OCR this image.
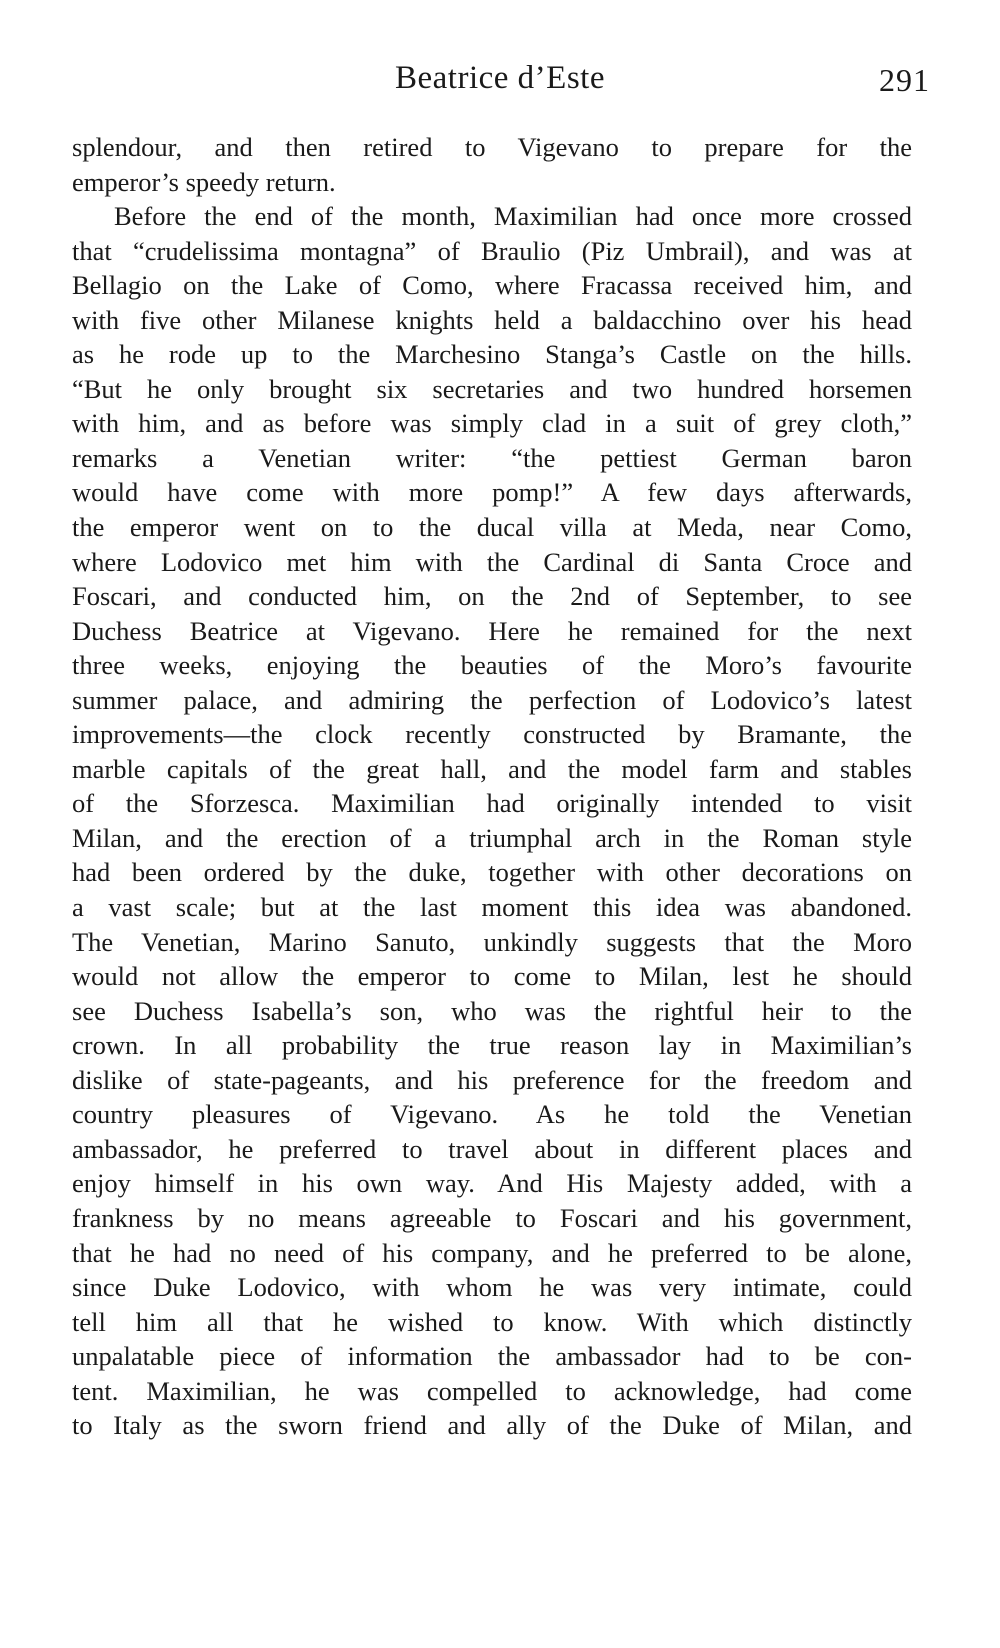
Beatrice d’Este	291
splendour, and then retired to Vigevano to prepare for the
emperor’s speedy return.
Before the end of the month, Maximilian had once more crossed
that “crudelissima montagna” of Braulio (Piz Umbrail), and was at
Bellagio on the Lake of Como, where Fracassa received him, and
with five other Milanese knights held a baldacchino over his head
as he rode up to the Marchesino Stanga’s Castle on the hills.
“But he only brought six secretaries and two hundred horsemen
with him, and as before was simply clad in a suit of grey cloth,”
remarks a Venetian writer: “the pettiest German baron
would have come with more pomp!” A few days afterwards,
the emperor went on to the ducal villa at Meda, near Como,
where Lodovico met him with the Cardinal di Santa Croce and
Foscari, and conducted him, on the 2nd of September, to see
Duchess Beatrice at Vigevano. Here he remained for the next
three weeks, enjoying the beauties of the Moro’s favourite
summer palace, and admiring the perfection of Lodovico’s latest
improvements—the clock recently constructed by Bramante, the
marble capitals of the great hall, and the model farm and stables
of the Sforzesca. Maximilian had originally intended to visit
Milan, and the erection of a triumphal arch in the Roman style
had been ordered by the duke, together with other decorations on
a vast scale; but at the last moment this idea was abandoned.
The Venetian, Marino Sanuto, unkindly suggests that the Moro
would not allow the emperor to come to Milan, lest he should
see Duchess Isabella’s son, who was the rightful heir to the
crown. In all probability the true reason lay in Maximilian’s
dislike of state-pageants, and his preference for the freedom and
country pleasures of Vigevano. As he told the Venetian
ambassador, he preferred to travel about in different places and
enjoy himself in his own way. And His Majesty added, with a
frankness by no means agreeable to Foscari and his government,
that he had no need of his company, and he preferred to be alone,
since Duke Lodovico, with whom he was very intimate, could
tell him all that he wished to know. With which distinctly
unpalatable piece of information the ambassador had to be con-
tent. Maximilian, he was compelled to acknowledge, had come
to Italy as the sworn friend and ally of the Duke of Milan, and
